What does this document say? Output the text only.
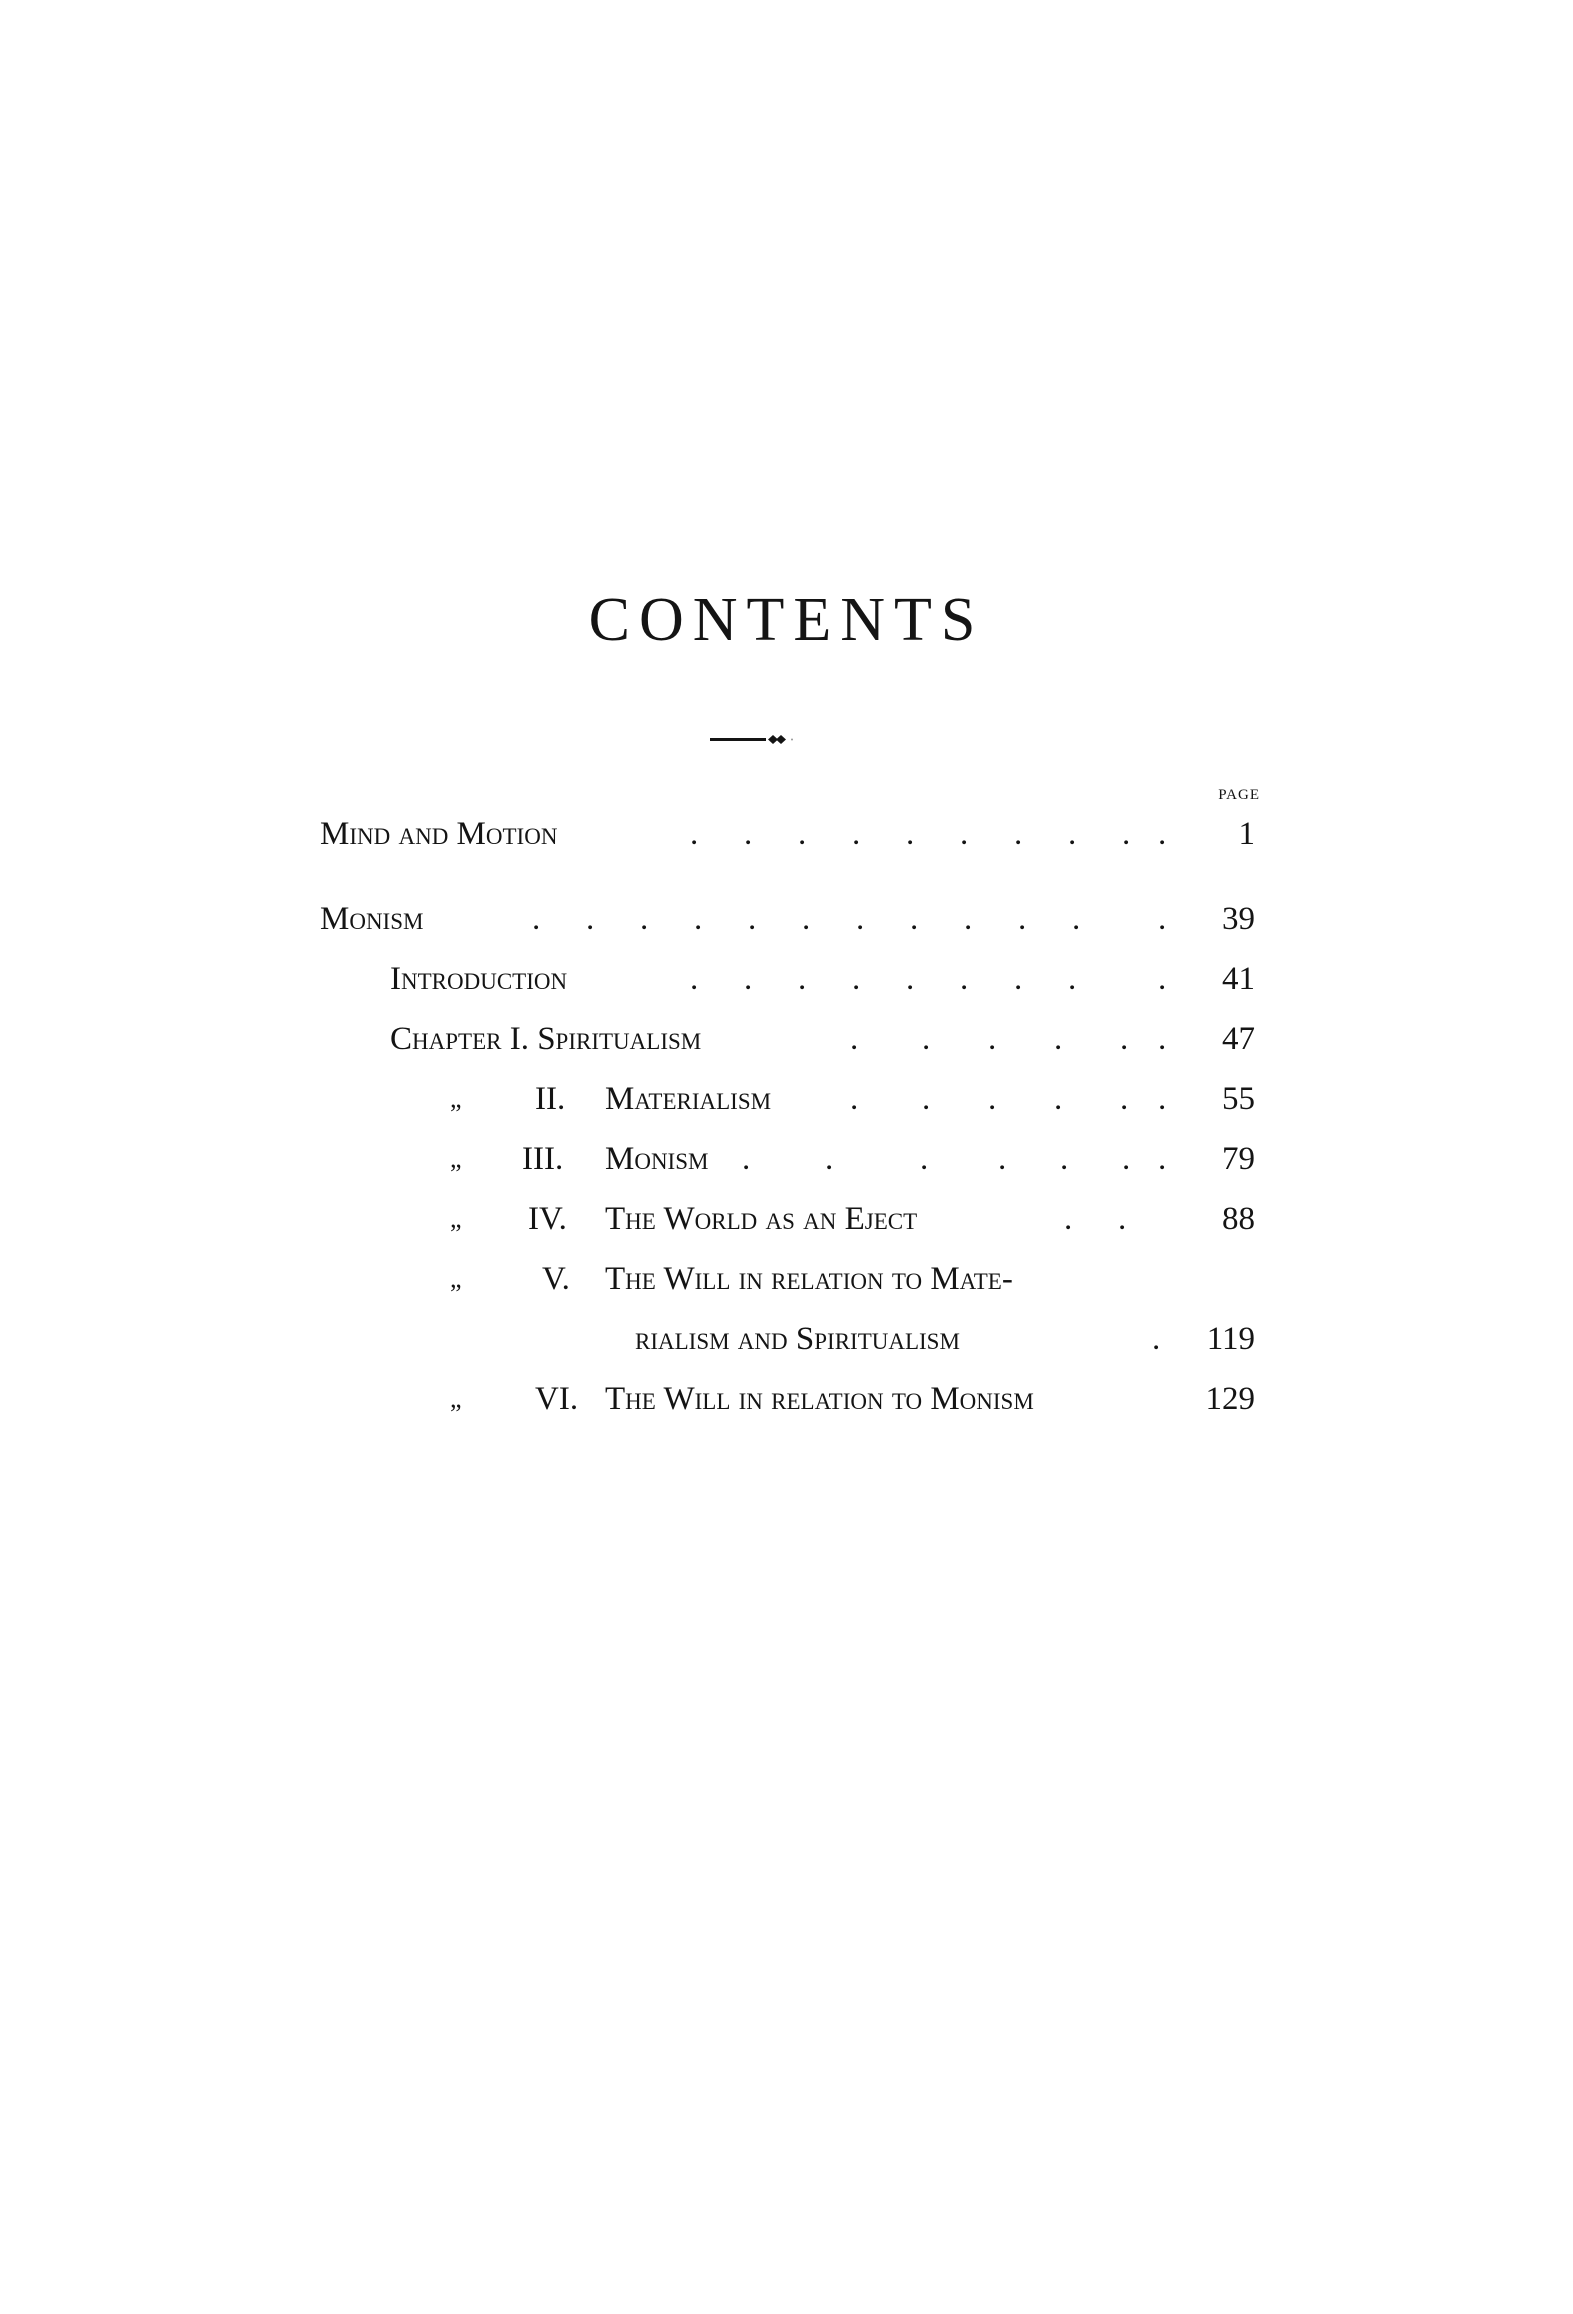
CONTENTS
PAGE
Mind and Motion	. . . . . . . . . .	1
Monism	. . . . . . . . . . . .	39
Introduction	. . . . . . . . .	41
Chapter I. Spiritualism	. . . . . .	47
„ II. Materialism . . . . . .	55
„ III. Monism . .	. . . . .	79
„ IV. The World as an Eject	. .	88
„ V. The Will in relation to Mate-
rialism and Spiritualism	.	119
„ VI. The Will in relation to Monism	129
